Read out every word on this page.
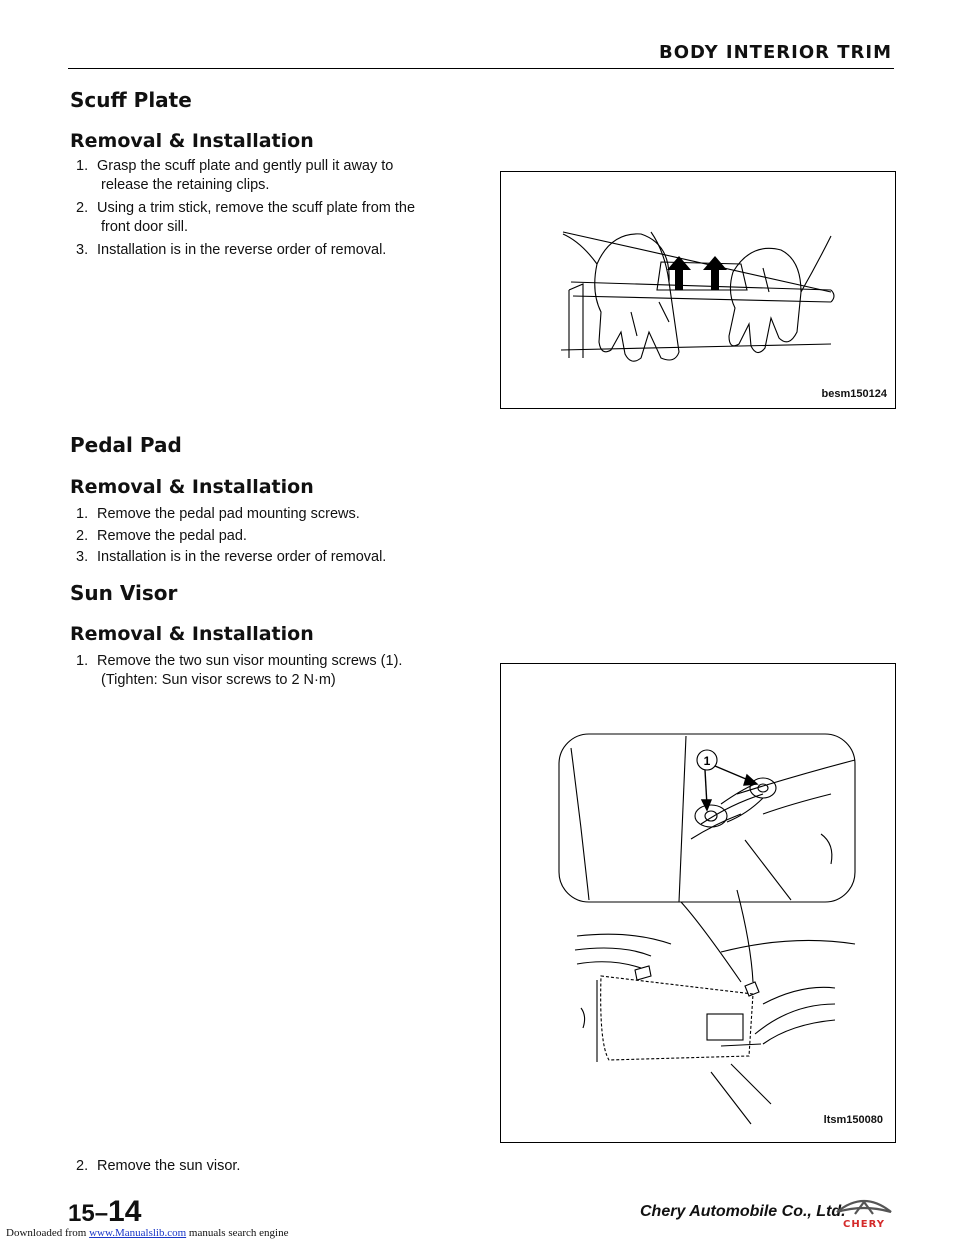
BODY INTERIOR TRIM
Scuff Plate
Removal & Installation

1. Grasp the scuff plate and gently pull it away to
release the retaining clips.

2. Using a trim stick, remove the scuff plate from the
front door sill.

3. Installation is in the reverse order of removal.

besm150124
Pedal Pad
Removal & Installation

1. Remove the pedal pad mounting screws.

2. Remove the pedal pad.

3. Installation is in the reverse order of removal.

Sun Visor
Removal & Installation

1. Remove the two sun visor mounting screws (1).
(Tighten: Sun visor screws to 2 N·m)

1
ltsm150080

2. Remove the sun visor.

15–14	Chery Automobile Co., Ltd.
CHERY
Downloaded from www.Manualslib.com manuals search engine
